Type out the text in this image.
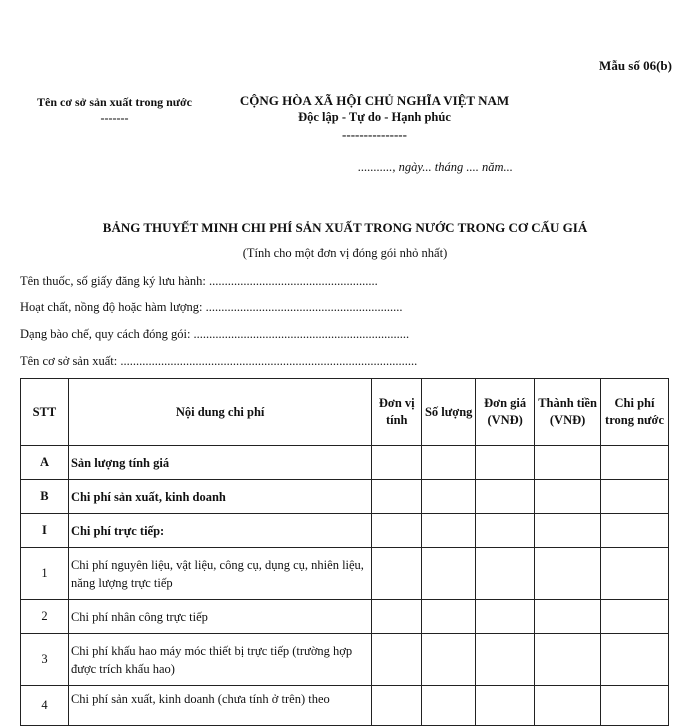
Mẫu số 06(b)
Tên cơ sở sản xuất trong nước
-------
CỘNG HÒA XÃ HỘI CHỦ NGHĨA VIỆT NAM
Độc lập - Tự do - Hạnh phúc
---------------
..........., ngày... tháng .... năm...
BẢNG THUYẾT MINH CHI PHÍ SẢN XUẤT TRONG NƯỚC TRONG CƠ CẤU GIÁ
(Tính cho một đơn vị đóng gói nhỏ nhất)
Tên thuốc, số giấy đăng ký lưu hành: ......................................................
Hoạt chất, nồng độ hoặc hàm lượng: ...............................................................
Dạng bào chế, quy cách đóng gói: .....................................................................
Tên cơ sở sản xuất: ...............................................................................................
STT	Nội dung chi phí	Đơn vị tính	Số lượng	Đơn giá (VNĐ)	Thành tiền (VNĐ)	Chi phí trong nước
A	Sản lượng tính giá					
B	Chi phí sản xuất, kinh doanh					
I	Chi phí trực tiếp:					
1	Chi phí nguyên liệu, vật liệu, công cụ, dụng cụ, nhiên liệu, năng lượng trực tiếp					
2	Chi phí nhân công trực tiếp					
3	Chi phí khấu hao máy móc thiết bị trực tiếp (trường hợp được trích khấu hao)					
4	Chi phí sản xuất, kinh doanh (chưa tính ở trên) theo					
